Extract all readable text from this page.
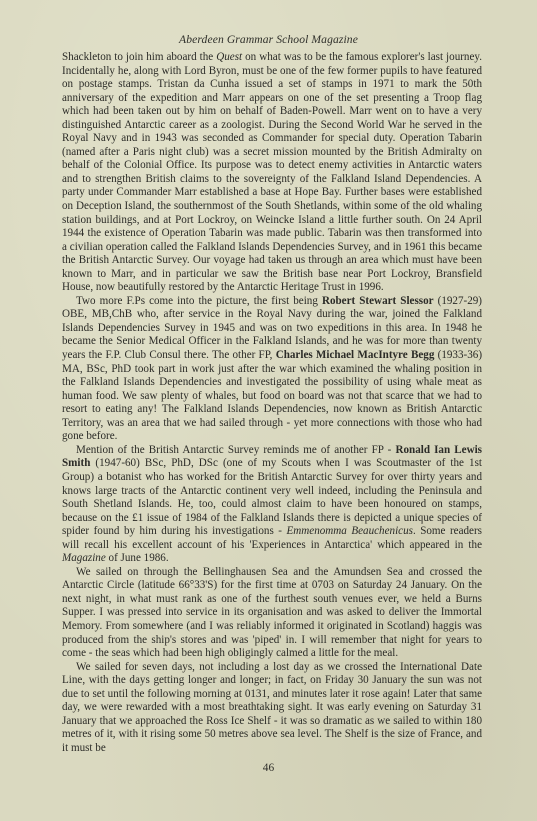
Aberdeen Grammar School Magazine

Shackleton to join him aboard the Quest on what was to be the famous explorer's last journey. Incidentally he, along with Lord Byron, must be one of the few former pupils to have featured on postage stamps. Tristan da Cunha issued a set of stamps in 1971 to mark the 50th anniversary of the expedition and Marr appears on one of the set presenting a Troop flag which had been taken out by him on behalf of Baden-Powell. Marr went on to have a very distinguished Antarctic career as a zoologist. During the Second World War he served in the Royal Navy and in 1943 was seconded as Commander for special duty. Operation Tabarin (named after a Paris night club) was a secret mission mounted by the British Admiralty on behalf of the Colonial Office. Its purpose was to detect enemy activities in Antarctic waters and to strengthen British claims to the sovereignty of the Falkland Island Dependencies. A party under Commander Marr established a base at Hope Bay. Further bases were established on Deception Island, the southernmost of the South Shetlands, within some of the old whaling station buildings, and at Port Lockroy, on Weincke Island a little further south. On 24 April 1944 the existence of Operation Tabarin was made public. Tabarin was then transformed into a civilian operation called the Falkland Islands Dependencies Survey, and in 1961 this became the British Antarctic Survey. Our voyage had taken us through an area which must have been known to Marr, and in particular we saw the British base near Port Lockroy, Bransfield House, now beautifully restored by the Antarctic Heritage Trust in 1996.

Two more F.Ps come into the picture, the first being Robert Stewart Slessor (1927-29) OBE, MB,ChB who, after service in the Royal Navy during the war, joined the Falkland Islands Dependencies Survey in 1945 and was on two expeditions in this area. In 1948 he became the Senior Medical Officer in the Falkland Islands, and he was for more than twenty years the F.P. Club Consul there. The other FP, Charles Michael MacIntyre Begg (1933-36) MA, BSc, PhD took part in work just after the war which examined the whaling position in the Falkland Islands Dependencies and investigated the possibility of using whale meat as human food. We saw plenty of whales, but food on board was not that scarce that we had to resort to eating any! The Falkland Islands Dependencies, now known as British Antarctic Territory, was an area that we had sailed through - yet more connections with those who had gone before.

Mention of the British Antarctic Survey reminds me of another FP - Ronald Ian Lewis Smith (1947-60) BSc, PhD, DSc (one of my Scouts when I was Scoutmaster of the 1st Group) a botanist who has worked for the British Antarctic Survey for over thirty years and knows large tracts of the Antarctic continent very well indeed, including the Peninsula and South Shetland Islands. He, too, could almost claim to have been honoured on stamps, because on the £1 issue of 1984 of the Falkland Islands there is depicted a unique species of spider found by him during his investigations - Emmenomma Beauchenicus. Some readers will recall his excellent account of his 'Experiences in Antarctica' which appeared in the Magazine of June 1986.

We sailed on through the Bellinghausen Sea and the Amundsen Sea and crossed the Antarctic Circle (latitude 66°33'S) for the first time at 0703 on Saturday 24 January. On the next night, in what must rank as one of the furthest south venues ever, we held a Burns Supper. I was pressed into service in its organisation and was asked to deliver the Immortal Memory. From somewhere (and I was reliably informed it originated in Scotland) haggis was produced from the ship's stores and was 'piped' in. I will remember that night for years to come - the seas which had been high obligingly calmed a little for the meal.

We sailed for seven days, not including a lost day as we crossed the International Date Line, with the days getting longer and longer; in fact, on Friday 30 January the sun was not due to set until the following morning at 0131, and minutes later it rose again! Later that same day, we were rewarded with a most breathtaking sight. It was early evening on Saturday 31 January that we approached the Ross Ice Shelf - it was so dramatic as we sailed to within 180 metres of it, with it rising some 50 metres above sea level. The Shelf is the size of France, and it must be

46
